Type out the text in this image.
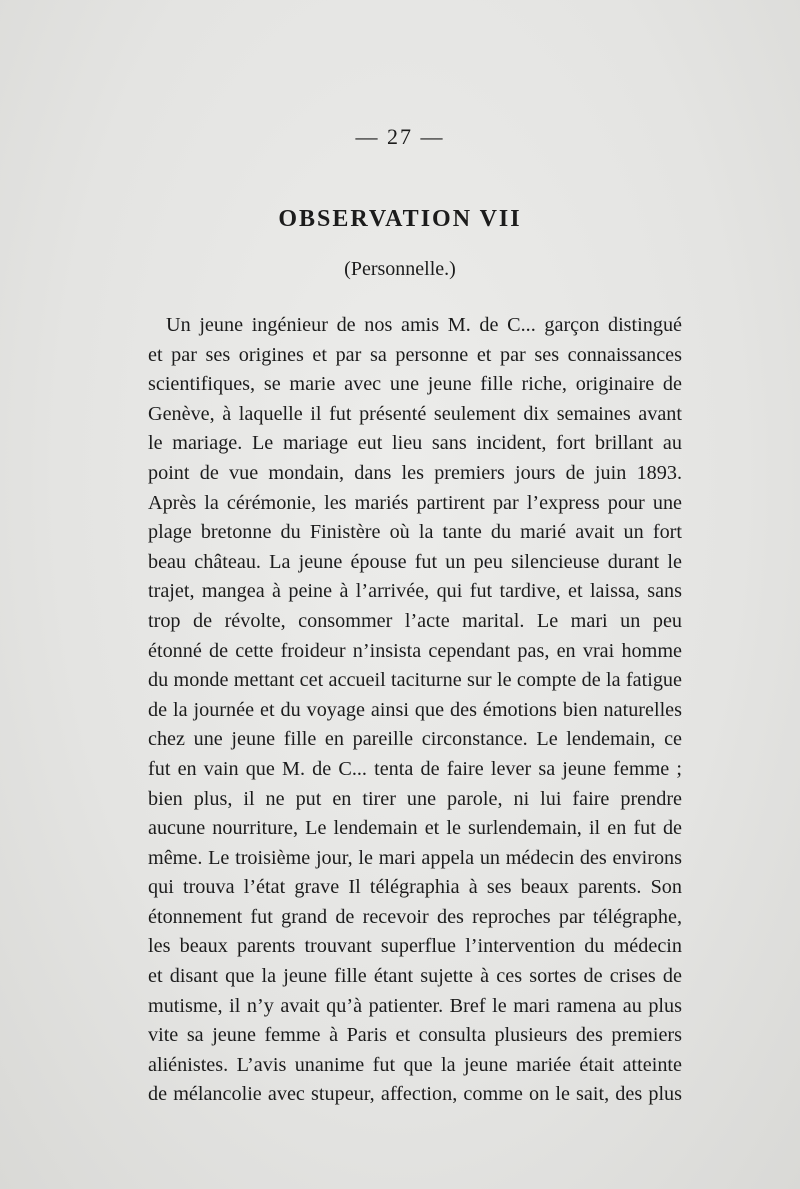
— 27 —
OBSERVATION VII
(Personnelle.)
Un jeune ingénieur de nos amis M. de C... garçon distingué
et par ses origines et par sa personne et par ses connaissances
scientifiques, se marie avec une jeune fille riche, originaire de
Genève, à laquelle il fut présenté seulement dix semaines avant
le mariage. Le mariage eut lieu sans incident, fort brillant au
point de vue mondain, dans les premiers jours de juin 1893.
Après la cérémonie, les mariés partirent par l’express pour une
plage bretonne du Finistère où la tante du marié avait un fort
beau château. La jeune épouse fut un peu silencieuse durant le
trajet, mangea à peine à l’arrivée, qui fut tardive, et laissa, sans
trop de révolte, consommer l’acte marital. Le mari un peu
étonné de cette froideur n’insista cependant pas, en vrai homme
du monde mettant cet accueil taciturne sur le compte de la fatigue
de la journée et du voyage ainsi que des émotions bien naturelles
chez une jeune fille en pareille circonstance. Le lendemain, ce
fut en vain que M. de C... tenta de faire lever sa jeune femme ;
bien plus, il ne put en tirer une parole, ni lui faire prendre
aucune nourriture, Le lendemain et le surlendemain, il en fut de
même. Le troisième jour, le mari appela un médecin des environs
qui trouva l’état grave Il télégraphia à ses beaux parents. Son
étonnement fut grand de recevoir des reproches par télégraphe,
les beaux parents trouvant superflue l’intervention du médecin
et disant que la jeune fille étant sujette à ces sortes de crises de
mutisme, il n’y avait qu’à patienter. Bref le mari ramena au plus
vite sa jeune femme à Paris et consulta plusieurs des premiers
aliénistes. L’avis unanime fut que la jeune mariée était atteinte
de mélancolie avec stupeur, affection, comme on le sait, des plus
